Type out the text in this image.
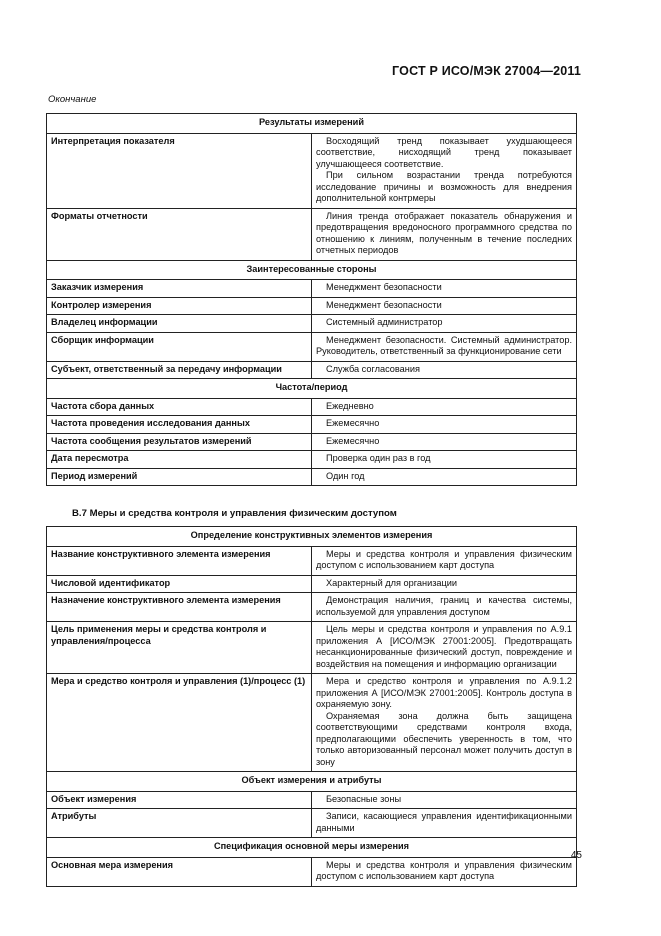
ГОСТ Р ИСО/МЭК 27004—2011
Окончание
Результаты измерений	
Интерпретация показателя	Восходящий тренд показывает ухудшающееся соответствие, нисходящий тренд показывает улучшающееся соответствие.

При сильном возрастании тренда потребуются исследование причины и возможность для внедрения дополнительной контрмеры

Форматы отчетности	Линия тренда отображает показатель обнаружения и предотвращения вредоносного программного средства по отношению к линиям, полученным в течение последних отчетных периодов

Заинтересованные стороны	
Заказчик измерения	Менеджмент безопасности

Контролер измерения	Менеджмент безопасности

Владелец информации	Системный администратор

Сборщик информации	Менеджмент безопасности. Системный администратор. Руководитель, ответственный за функционирование сети

Субъект, ответственный за передачу информации	Служба согласования

Частота/период	
Частота сбора данных	Ежедневно

Частота проведения исследования данных	Ежемесячно

Частота сообщения результатов измерений	Ежемесячно

Дата пересмотра	Проверка один раз в год

Период измерений	Один год

B.7 Меры и средства контроля и управления физическим доступом
Определение конструктивных элементов измерения	
Название конструктивного элемента измерения	Меры и средства контроля и управления физическим доступом с использованием карт доступа

Числовой идентификатор	Характерный для организации

Назначение конструктивного элемента измерения	Демонстрация наличия, границ и качества системы, используемой для управления доступом

Цель применения меры и средства контроля и управления/процесса	Цель меры и средства контроля и управления по А.9.1 приложения А [ИСО/МЭК 27001:2005]. Предотвращать несанкционированные физический доступ, повреждение и воздействия на помещения и информацию организации

Мера и средство контроля и управления (1)/процесс (1)	Мера и средство контроля и управления по А.9.1.2 приложения А [ИСО/МЭК 27001:2005]. Контроль доступа в охраняемую зону.

Охраняемая зона должна быть защищена соответствующими средствами контроля входа, предполагающими обеспечить уверенность в том, что только авторизованный персонал может получить доступ в зону

Объект измерения и атрибуты	
Объект измерения	Безопасные зоны

Атрибуты	Записи, касающиеся управления идентификационными данными

Спецификация основной меры измерения	
Основная мера измерения	Меры и средства контроля и управления физическим доступом с использованием карт доступа

45
